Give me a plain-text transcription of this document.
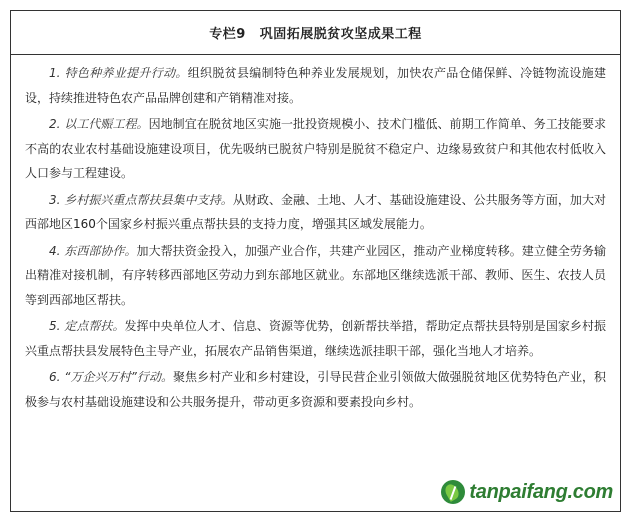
专栏9 巩固拓展脱贫攻坚成果工程

1. 特色种养业提升行动。组织脱贫县编制特色种养业发展规划，加快农产品仓储保鲜、冷链物流设施建设，持续推进特色农产品品牌创建和产销精准对接。

2. 以工代赈工程。因地制宜在脱贫地区实施一批投资规模小、技术门槛低、前期工作简单、务工技能要求不高的农业农村基础设施建设项目，优先吸纳已脱贫户特别是脱贫不稳定户、边缘易致贫户和其他农村低收入人口参与工程建设。

3. 乡村振兴重点帮扶县集中支持。从财政、金融、土地、人才、基础设施建设、公共服务等方面，加大对西部地区160个国家乡村振兴重点帮扶县的支持力度，增强其区域发展能力。

4. 东西部协作。加大帮扶资金投入，加强产业合作，共建产业园区，推动产业梯度转移。建立健全劳务输出精准对接机制，有序转移西部地区劳动力到东部地区就业。东部地区继续选派干部、教师、医生、农技人员等到西部地区帮扶。

5. 定点帮扶。发挥中央单位人才、信息、资源等优势，创新帮扶举措，帮助定点帮扶县特别是国家乡村振兴重点帮扶县发展特色主导产业，拓展农产品销售渠道，继续选派挂职干部，强化当地人才培养。

6. “万企兴万村”行动。聚焦乡村产业和乡村建设，引导民营企业引领做大做强脱贫地区优势特色产业，积极参与农村基础设施建设和公共服务提升，带动更多资源和要素投向乡村。

tanpaifang.com
